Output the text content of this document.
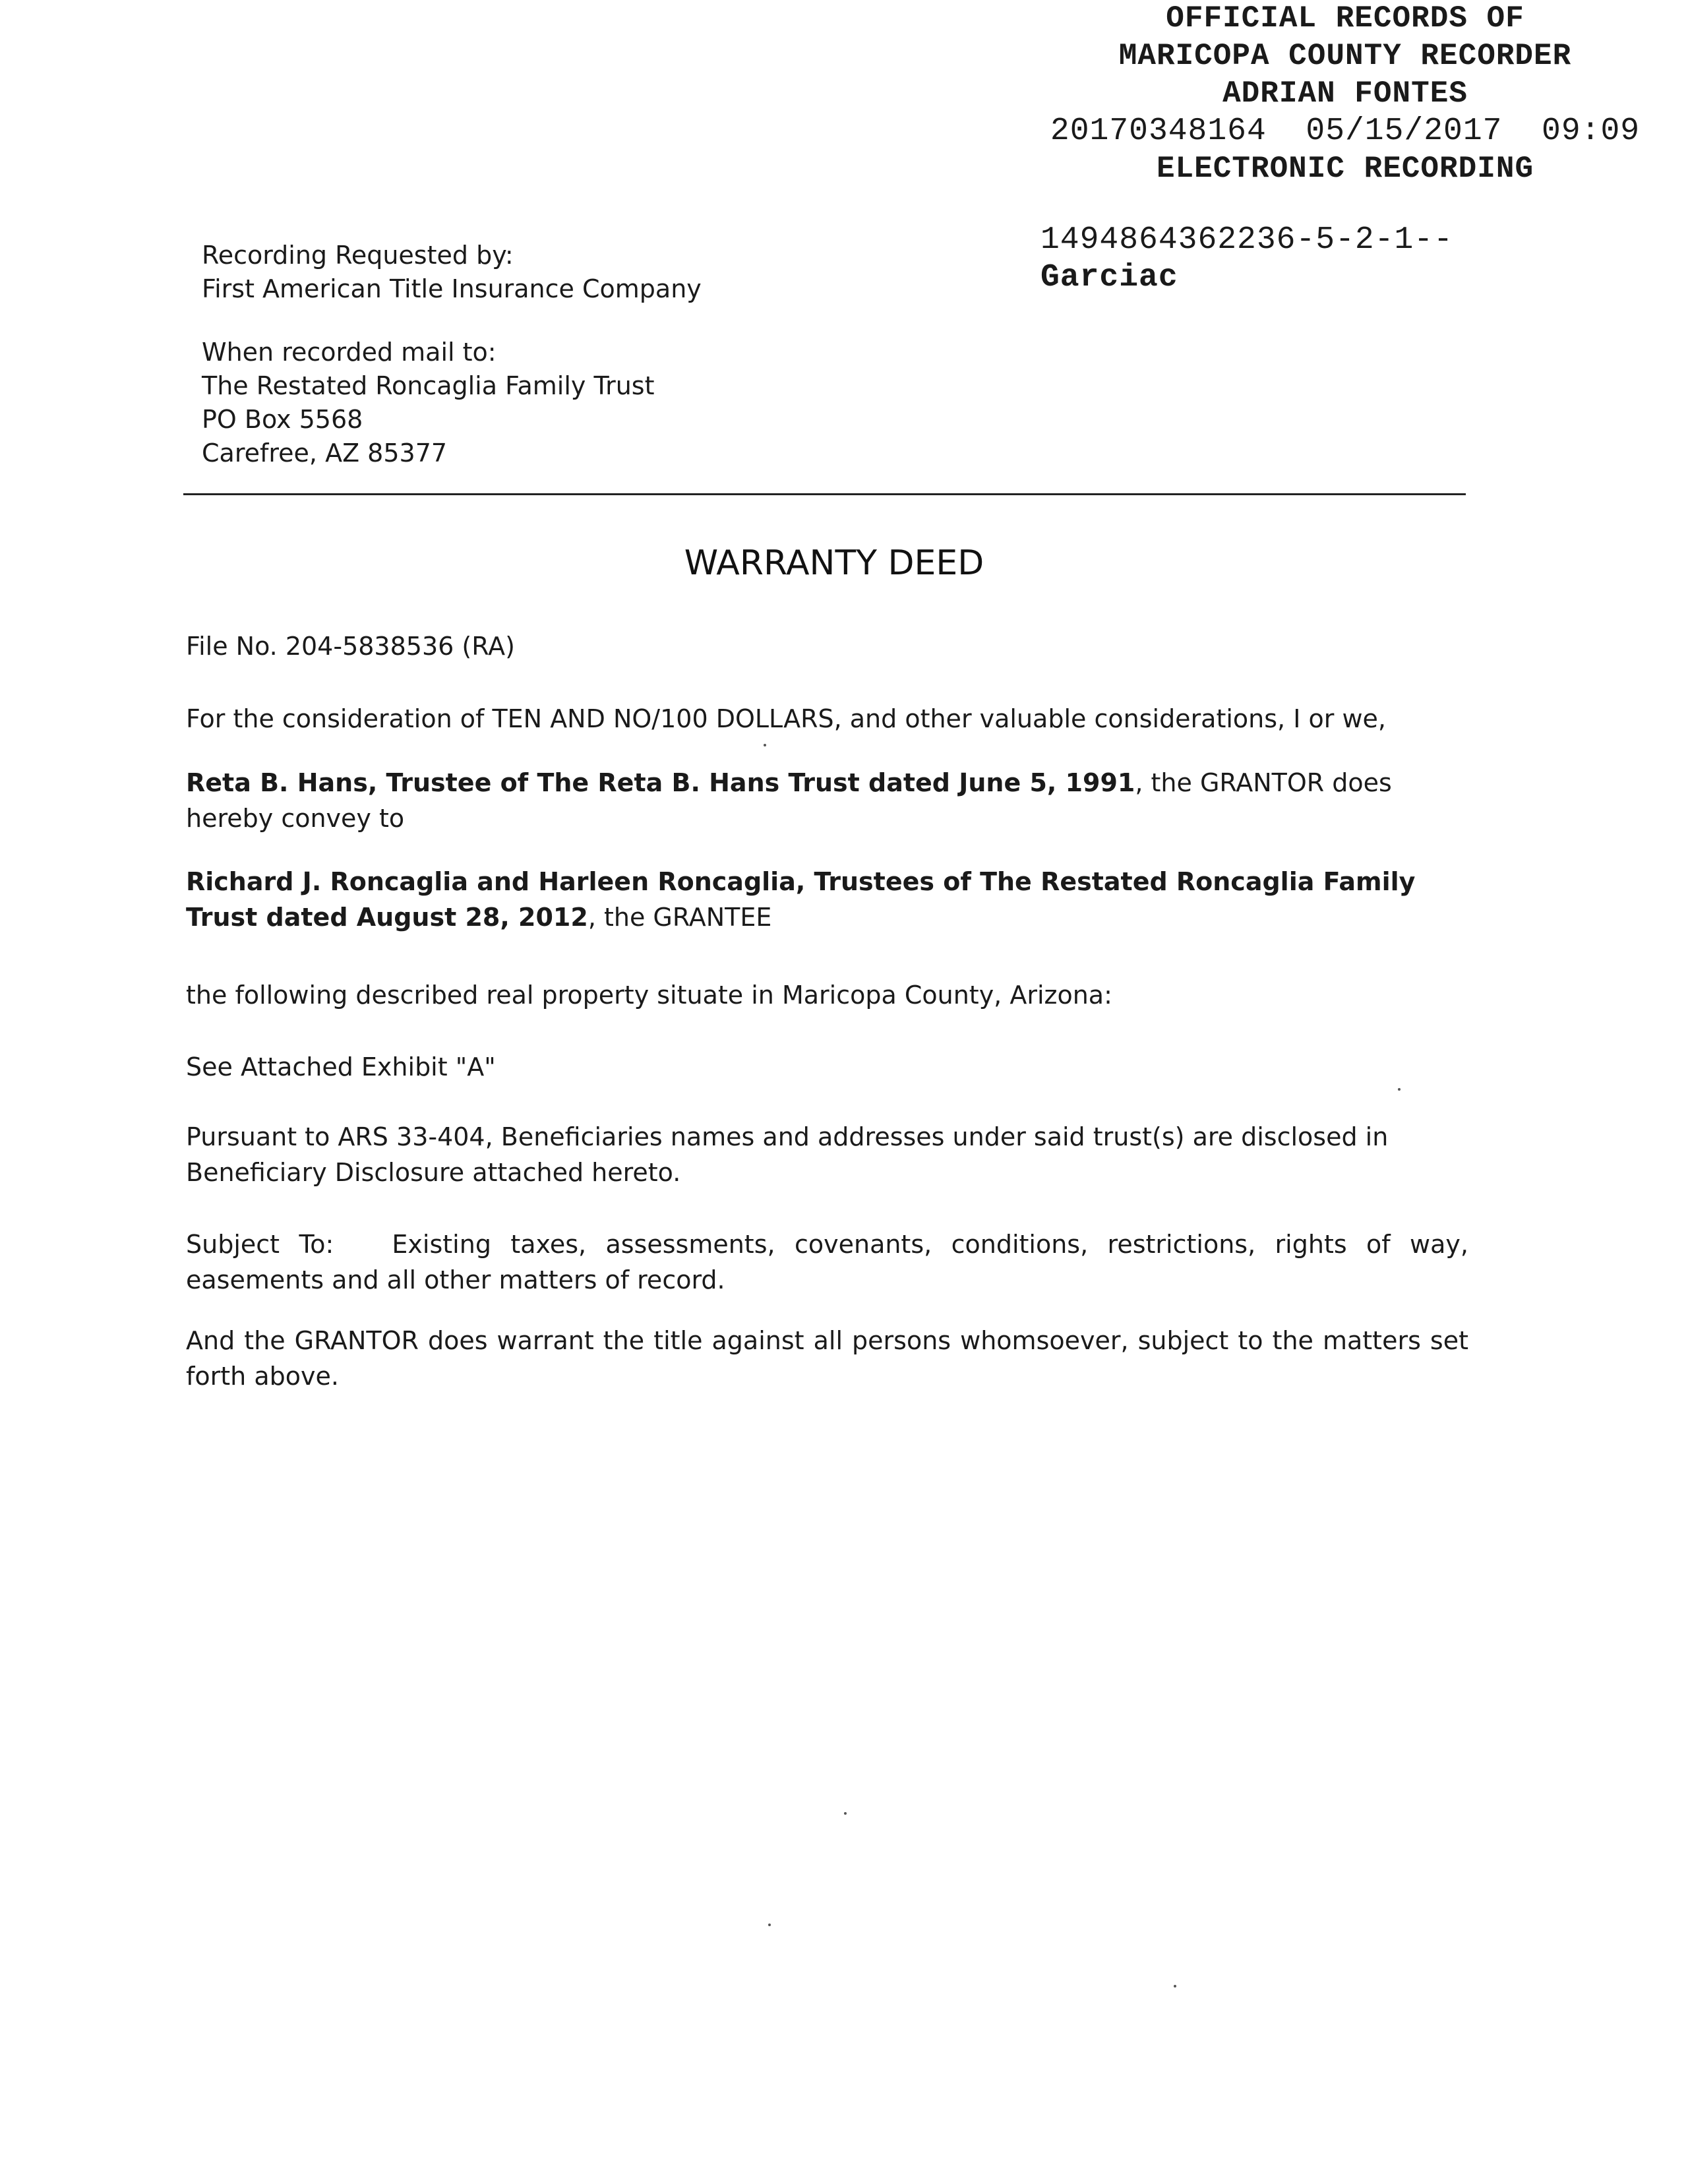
OFFICIAL RECORDS OF
MARICOPA COUNTY RECORDER
ADRIAN FONTES
20170348164 05/15/2017 09:09
ELECTRONIC RECORDING
1494864362236-5-2-1--
Garciac
Recording Requested by:
First American Title Insurance Company
When recorded mail to:
The Restated Roncaglia Family Trust
PO Box 5568
Carefree, AZ 85377
WARRANTY DEED
File No. 204-5838536 (RA)
For the consideration of TEN AND NO/100 DOLLARS, and other valuable considerations, I or we,
Reta B. Hans, Trustee of The Reta B. Hans Trust dated June 5, 1991, the GRANTOR does hereby convey to
Richard J. Roncaglia and Harleen Roncaglia, Trustees of The Restated Roncaglia Family Trust dated August 28, 2012, the GRANTEE
the following described real property situate in Maricopa County, Arizona:
See Attached Exhibit "A"
Pursuant to ARS 33-404, Beneficiaries names and addresses under said trust(s) are disclosed in
Beneficiary Disclosure attached hereto.
Subject To: Existing taxes, assessments, covenants, conditions, restrictions, rights of way, easements and all other matters of record.
And the GRANTOR does warrant the title against all persons whomsoever, subject to the matters set forth above.
